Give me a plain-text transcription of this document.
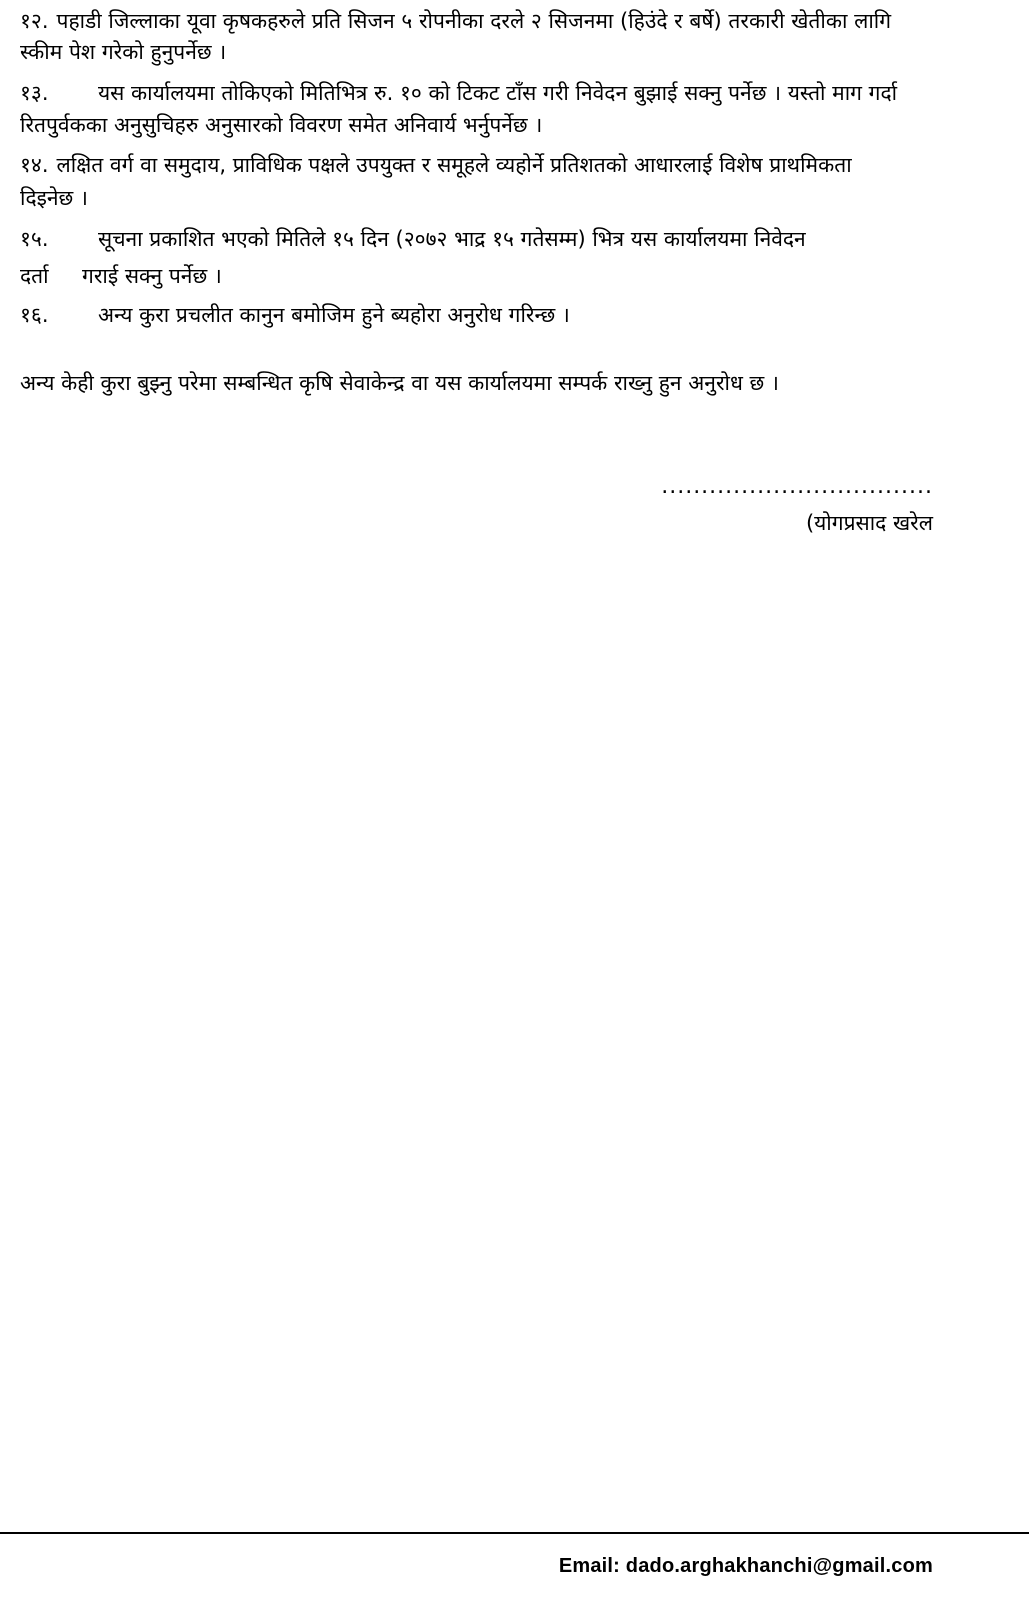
१२. पहाडी जिल्लाका यूवा कृषकहरुले प्रति सिजन ५ रोपनीका दरले २ सिजनमा (हिउंदे र बर्षे) तरकारी खेतीका लागि
स्कीम पेश गरेको हुनुपर्नेछ ।
१३. यस कार्यालयमा तोकिएको मितिभित्र रु. १० को टिकट टाँस गरी निवेदन बुझाई सक्नु पर्नेछ । यस्तो माग गर्दा
रितपुर्वकका अनुसुचिहरु अनुसारको विवरण समेत अनिवार्य भर्नुपर्नेछ ।
१४. लक्षित वर्ग वा समुदाय, प्राविधिक पक्षले उपयुक्त र समूहले व्यहोर्ने प्रतिशतको आधारलाई विशेष प्राथमिकता
दिइनेछ ।
१५. सूचना प्रकाशित भएको मितिले १५ दिन (२०७२ भाद्र १५ गतेसम्म) भित्र यस कार्यालयमा निवेदन
दर्ता गराई सक्नु पर्नेछ ।
१६. अन्य कुरा प्रचलीत कानुन बमोजिम हुने ब्यहोरा अनुरोध गरिन्छ ।
अन्य केही कुरा बुझ्नु परेमा सम्बन्धित कृषि सेवाकेन्द्र वा यस कार्यालयमा सम्पर्क राख्नु हुन अनुरोध छ ।
..................................
(योगप्रसाद खरेल
Email: dado.arghakhanchi@gmail.com
